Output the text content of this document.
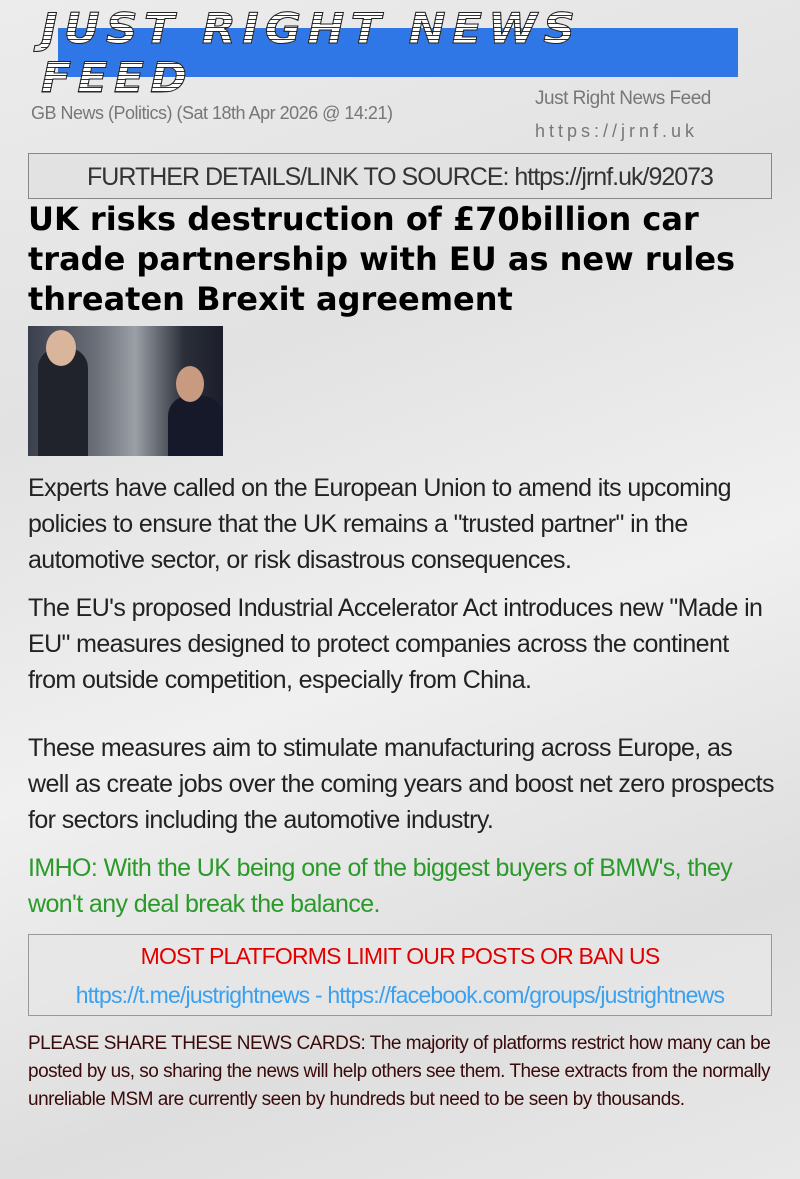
JUST RIGHT NEWS FEED
GB News (Politics) (Sat 18th Apr 2026 @ 14:21)
Just Right News Feed
https://jrnf.uk
FURTHER DETAILS/LINK TO SOURCE: https://jrnf.uk/92073
UK risks destruction of £70billion car trade partnership with EU as new rules threaten Brexit agreement

Experts have called on the European Union to amend its upcoming policies to ensure that the UK remains a "trusted partner" in the automotive sector, or risk disastrous consequences.

The EU's proposed Industrial Accelerator Act introduces new "Made in EU" measures designed to protect companies across the continent from outside competition, especially from China.

These measures aim to stimulate manufacturing across Europe, as well as create jobs over the coming years and boost net zero prospects for sectors including the automotive industry.

IMHO: With the UK being one of the biggest buyers of BMW's, they won't any deal break the balance.

MOST PLATFORMS LIMIT OUR POSTS OR BAN US
https://t.me/justrightnews - https://facebook.com/groups/justrightnews
PLEASE SHARE THESE NEWS CARDS: The majority of platforms restrict how many can be posted by us, so sharing the news will help others see them. These extracts from the normally unreliable MSM are currently seen by hundreds but need to be seen by thousands.
